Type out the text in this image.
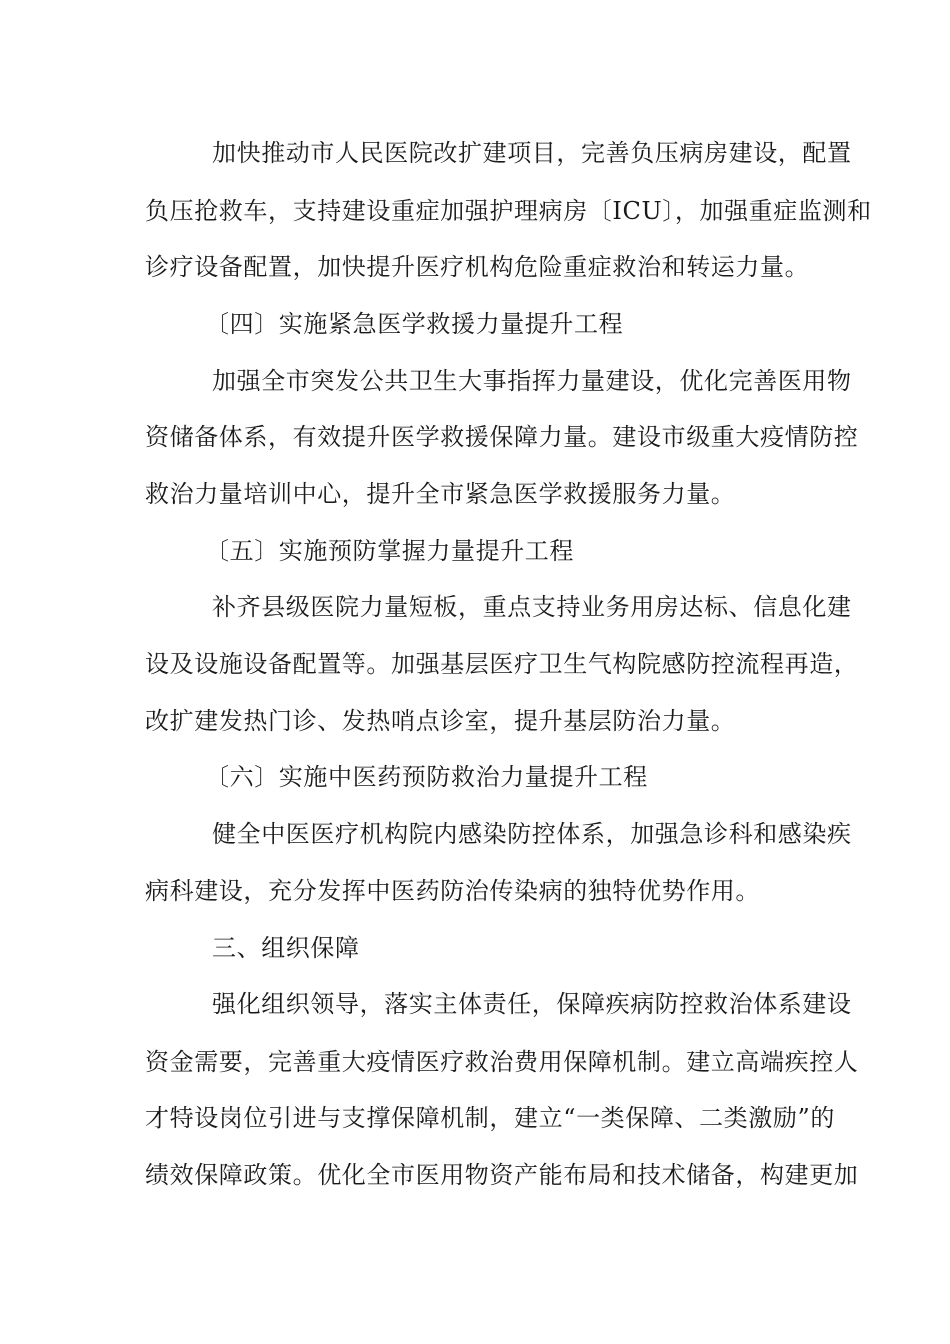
加快推动市人民医院改扩建项目，完善负压病房建设，配置
负压抢救车，支持建设重症加强护理病房〔ICU〕，加强重症监测和
诊疗设备配置，加快提升医疗机构危险重症救治和转运力量。
〔四〕实施紧急医学救援力量提升工程
加强全市突发公共卫生大事指挥力量建设，优化完善医用物
资储备体系，有效提升医学救援保障力量。建设市级重大疫情防控
救治力量培训中心，提升全市紧急医学救援服务力量。
〔五〕实施预防掌握力量提升工程
补齐县级医院力量短板，重点支持业务用房达标、信息化建
设及设施设备配置等。加强基层医疗卫生气构院感防控流程再造，
改扩建发热门诊、发热哨点诊室，提升基层防治力量。
〔六〕实施中医药预防救治力量提升工程
健全中医医疗机构院内感染防控体系，加强急诊科和感染疾
病科建设，充分发挥中医药防治传染病的独特优势作用。
三、组织保障
强化组织领导，落实主体责任，保障疾病防控救治体系建设
资金需要，完善重大疫情医疗救治费用保障机制。建立高端疾控人
才特设岗位引进与支撑保障机制，建立“一类保障、二类激励”的
绩效保障政策。优化全市医用物资产能布局和技术储备，构建更加
